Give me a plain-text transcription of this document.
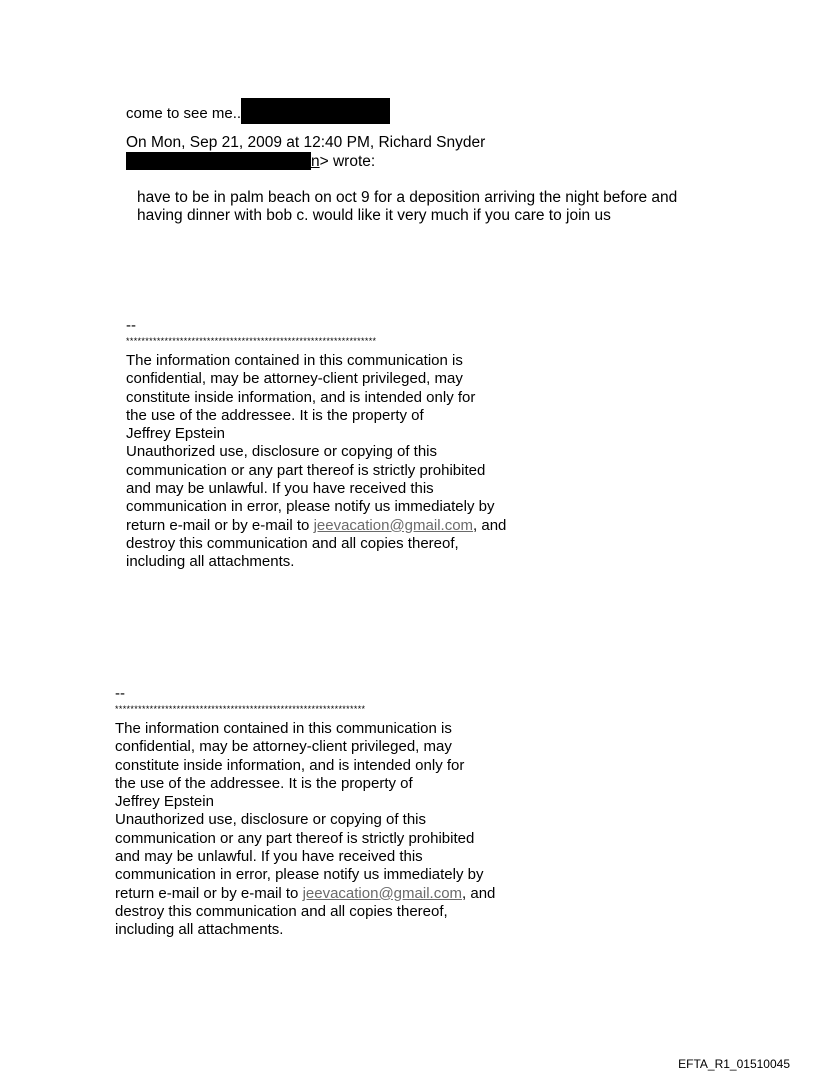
come to see me..
On Mon, Sep 21, 2009 at 12:40 PM, Richard Snyder
n> wrote:
have to be in palm beach on oct 9 for a deposition arriving the night before and
having dinner with bob c. would like it very much if you care to join us
--
*****************************************************************
The information contained in this communication is
confidential, may be attorney-client privileged, may
constitute inside information, and is intended only for
the use of the addressee. It is the property of
Jeffrey Epstein
Unauthorized use, disclosure or copying of this
communication or any part thereof is strictly prohibited
and may be unlawful. If you have received this
communication in error, please notify us immediately by
return e-mail or by e-mail to jeevacation@gmail.com, and
destroy this communication and all copies thereof,
including all attachments.
--
*****************************************************************
The information contained in this communication is
confidential, may be attorney-client privileged, may
constitute inside information, and is intended only for
the use of the addressee. It is the property of
Jeffrey Epstein
Unauthorized use, disclosure or copying of this
communication or any part thereof is strictly prohibited
and may be unlawful. If you have received this
communication in error, please notify us immediately by
return e-mail or by e-mail to jeevacation@gmail.com, and
destroy this communication and all copies thereof,
including all attachments.
EFTA_R1_01510045
